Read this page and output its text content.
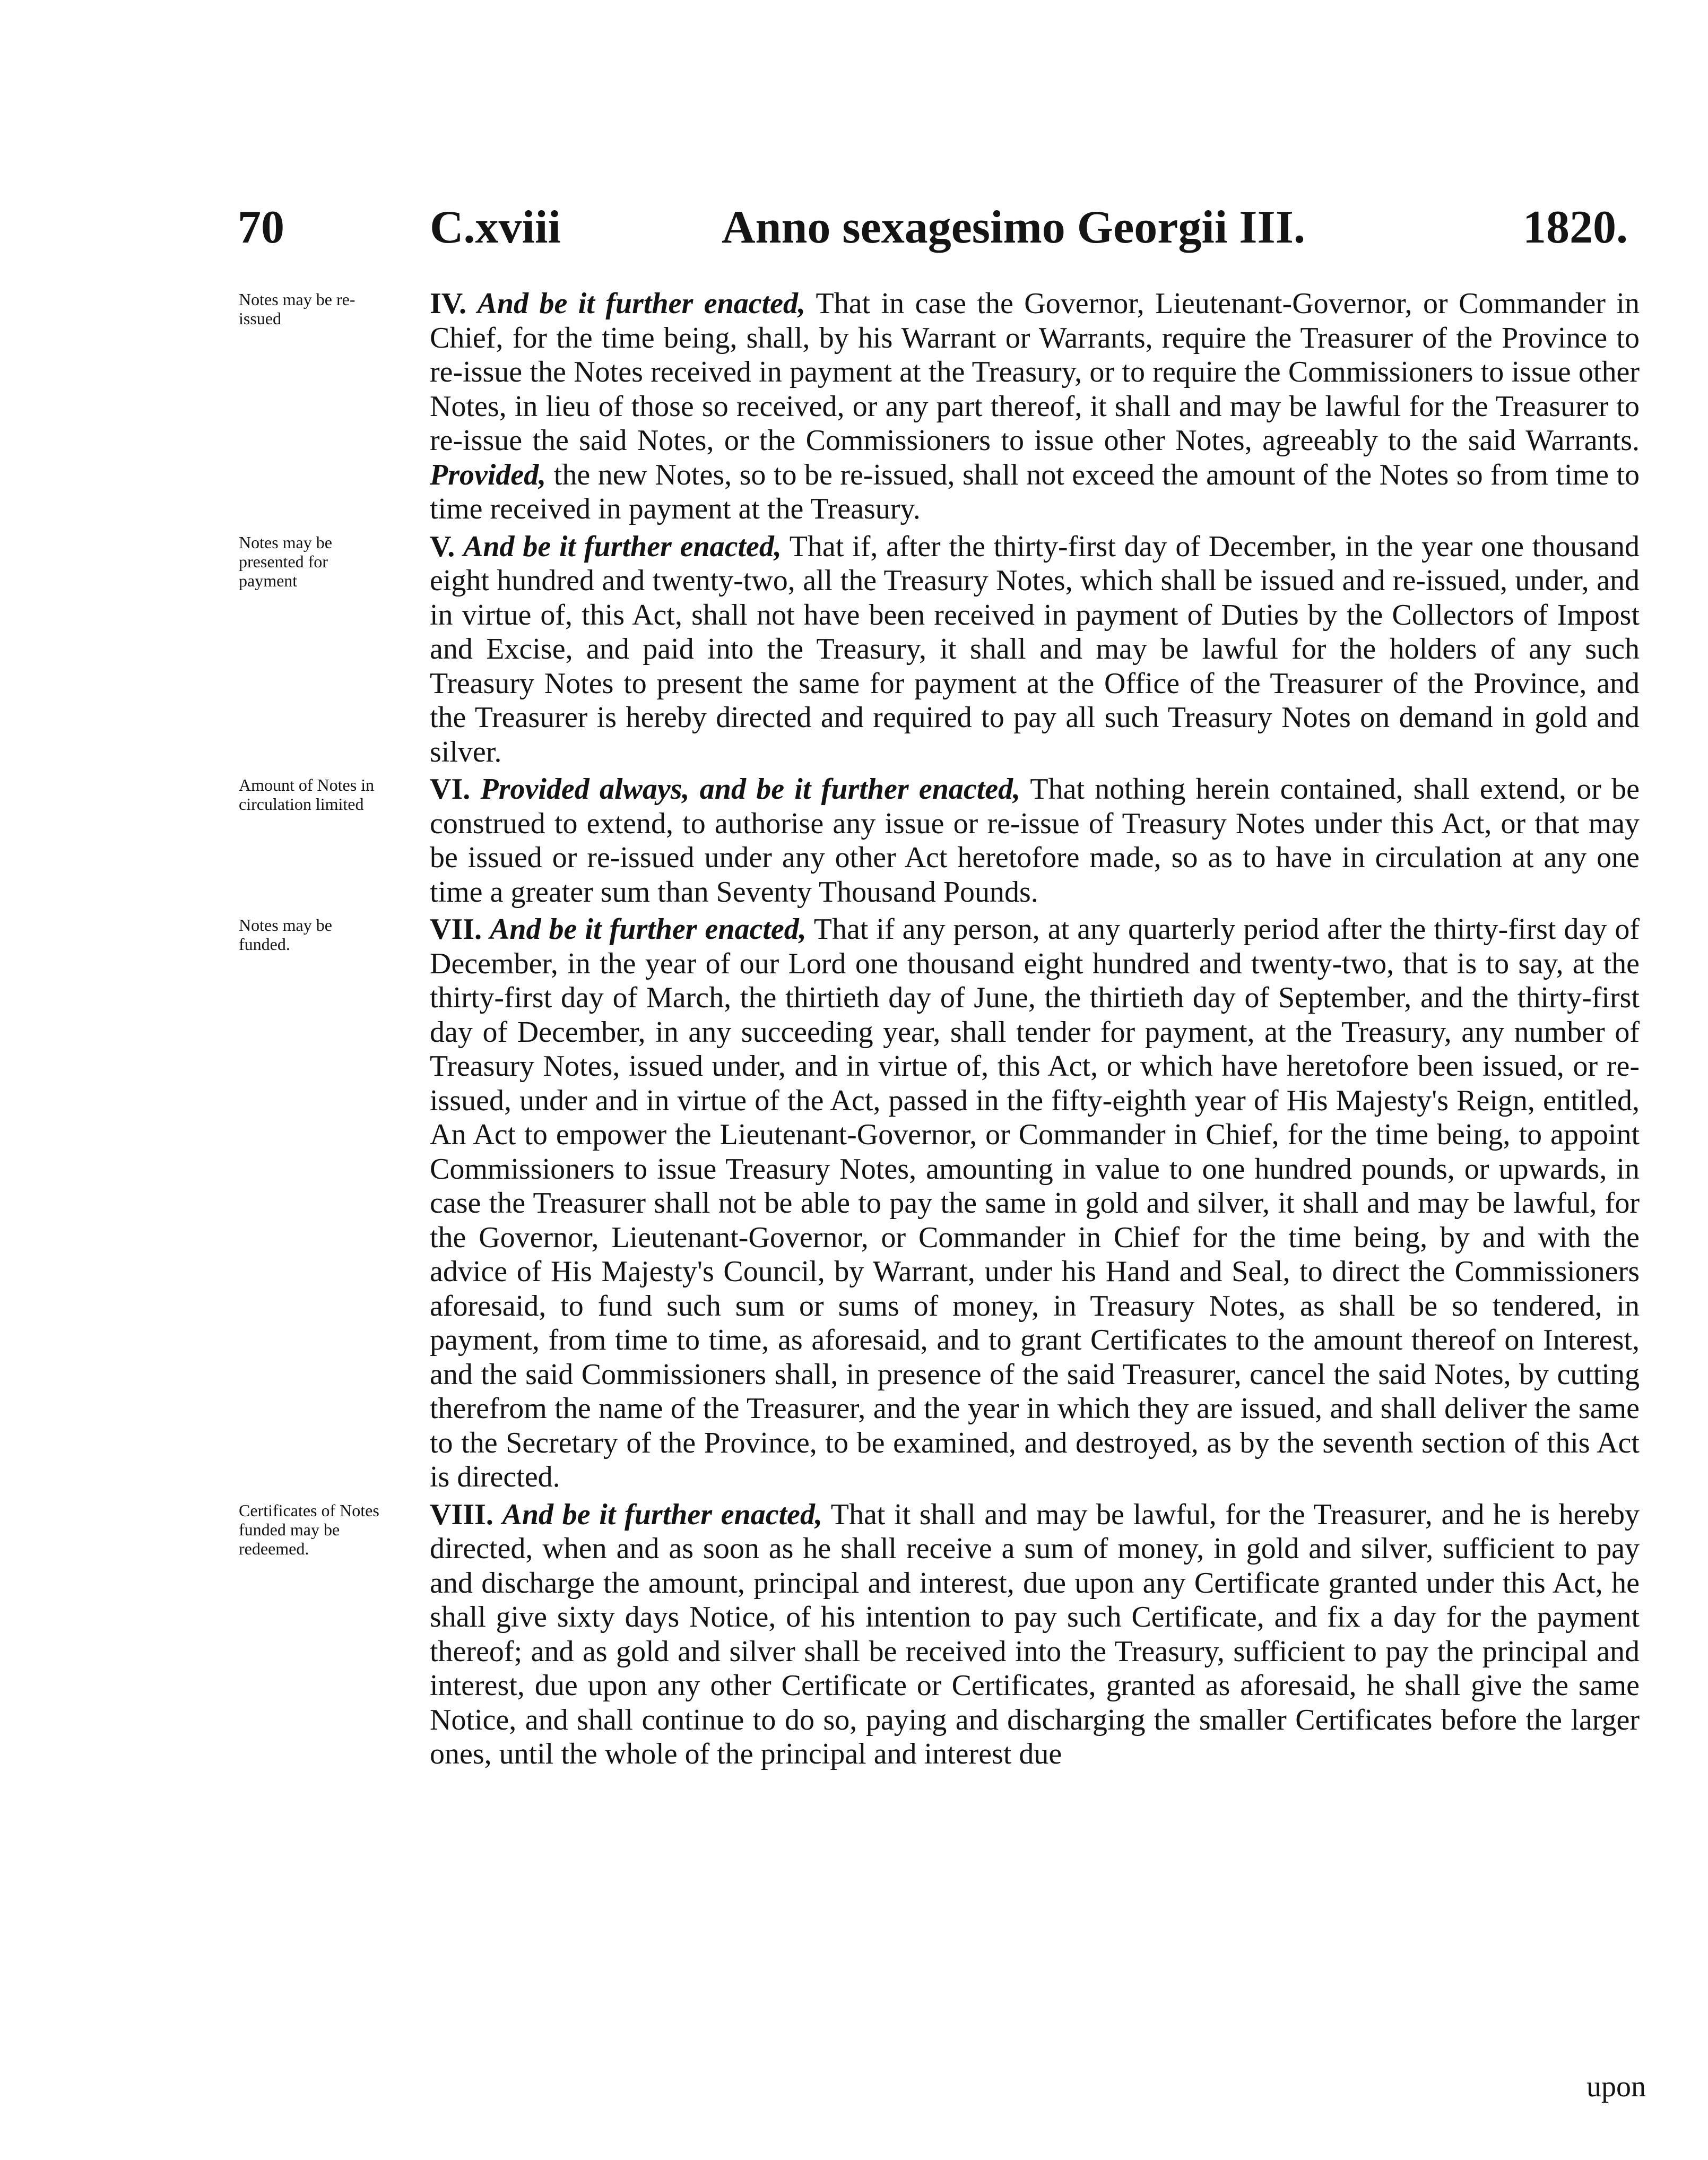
70	C.xviii	Anno sexagesimo Georgii III.	1820.
Notes may be re-issued	IV. And be it further enacted, That in case the Governor, Lieutenant-Governor, or Commander in Chief, for the time being, shall, by his Warrant or Warrants, require the Treasurer of the Province to re-issue the Notes received in payment at the Treasury, or to require the Commissioners to issue other Notes, in lieu of those so received, or any part thereof, it shall and may be lawful for the Treasurer to re-issue the said Notes, or the Commissioners to issue other Notes, agreeably to the said Warrants. Provided, the new Notes, so to be re-issued, shall not exceed the amount of the Notes so from time to time received in payment at the Treasury.

Notes may be presented for payment

V. And be it further enacted, That if, after the thirty-first day of December, in the year one thousand eight hundred and twenty-two, all the Treasury Notes, which shall be issued and re-issued, under, and in virtue of, this Act, shall not have been received in payment of Duties by the Collectors of Impost and Excise, and paid into the Treasury, it shall and may be lawful for the holders of any such Treasury Notes to present the same for payment at the Office of the Treasurer of the Province, and the Treasurer is hereby directed and required to pay all such Treasury Notes on demand in gold and silver.

Amount of Notes in circulation limited	VI. Provided always, and be it further enacted, That nothing herein contained, shall extend, or be construed to extend, to authorise any issue or re-issue of Treasury Notes under this Act, or that may be issued or re-issued under any other Act heretofore made, so as to have in circulation at any one time a greater sum than Seventy Thousand Pounds.

Notes may be funded.	VII. And be it further enacted, That if any person, at any quarterly period after the thirty-first day of December, in the year of our Lord one thousand eight hundred and twenty-two, that is to say, at the thirty-first day of March, the thirtieth day of June, the thirtieth day of September, and the thirty-first day of December, in any succeeding year, shall tender for payment, at the Treasury, any number of Treasury Notes, issued under, and in virtue of, this Act, or which have heretofore been issued, or re-issued, under and in virtue of the Act, passed in the fifty-eighth year of His Majesty's Reign, entitled, An Act to empower the Lieutenant-Governor, or Commander in Chief, for the time being, to appoint Commissioners to issue Treasury Notes, amounting in value to one hundred pounds, or upwards, in case the Treasurer shall not be able to pay the same in gold and silver, it shall and may be lawful, for the Governor, Lieutenant-Governor, or Commander in Chief for the time being, by and with the advice of His Majesty's Council, by Warrant, under his Hand and Seal, to direct the Commissioners aforesaid, to fund such sum or sums of money, in Treasury Notes, as shall be so tendered, in payment, from time to time, as aforesaid, and to grant Certificates to the amount thereof on Interest, and the said Commissioners shall, in presence of the said Treasurer, cancel the said Notes, by cutting therefrom the name of the Treasurer, and the year in which they are issued, and shall deliver the same to the Secretary of the Province, to be examined, and destroyed, as by the seventh section of this Act is directed.

Certificates of Notes funded may be redeemed.

VIII. And be it further enacted, That it shall and may be lawful, for the Treasurer, and he is hereby directed, when and as soon as he shall receive a sum of money, in gold and silver, sufficient to pay and discharge the amount, principal and interest, due upon any Certificate granted under this Act, he shall give sixty days Notice, of his intention to pay such Certificate, and fix a day for the payment thereof; and as gold and silver shall be received into the Treasury, sufficient to pay the principal and interest, due upon any other Certificate or Certificates, granted as aforesaid, he shall give the same Notice, and shall continue to do so, paying and discharging the smaller Certificates before the larger ones, until the whole of the principal and interest due

upon
